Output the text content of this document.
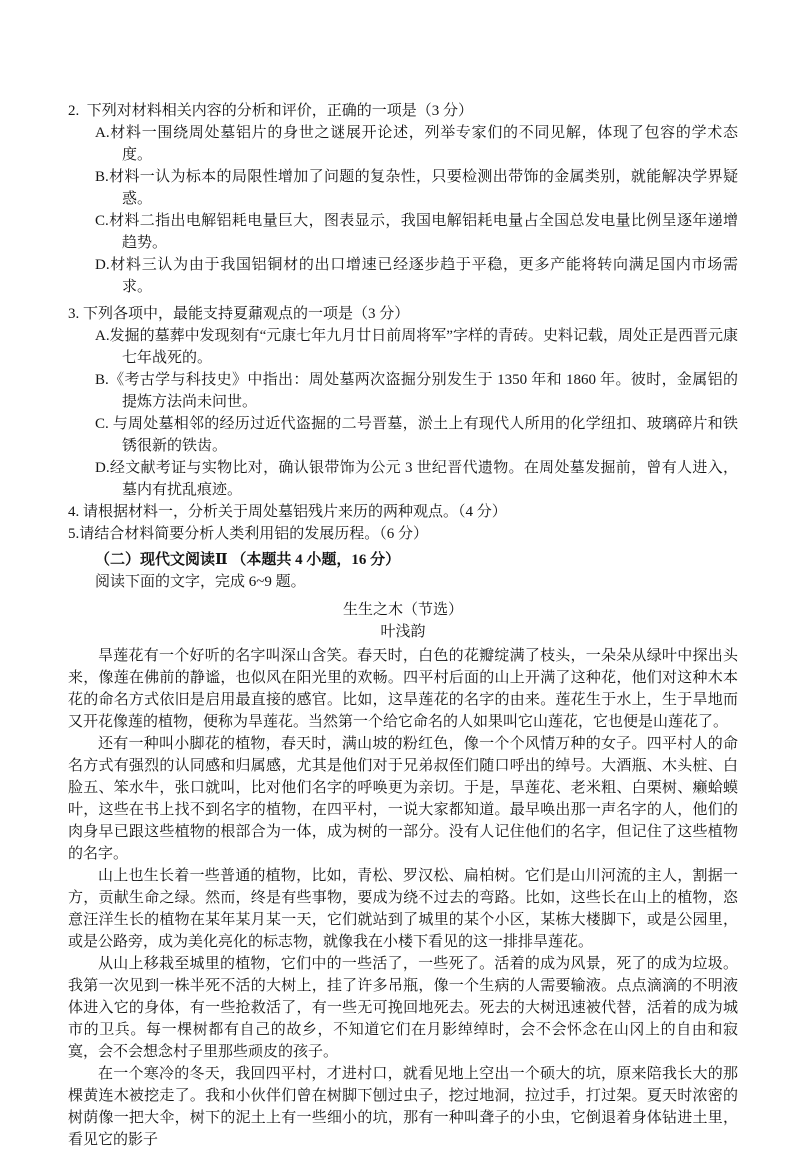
2.  下列对材料相关内容的分析和评价，正确的一项是（3 分）

A.材料一围绕周处墓铝片的身世之谜展开论述，列举专家们的不同见解，体现了包容的学术态度。

B.材料一认为标本的局限性增加了问题的复杂性，只要检测出带饰的金属类别，就能解决学界疑惑。

C.材料二指出电解铝耗电量巨大，图表显示，我国电解铝耗电量占全国总发电量比例呈逐年递增趋势。

D.材料三认为由于我国铝铜材的出口增速已经逐步趋于平稳，更多产能将转向满足国内市场需求。

3. 下列各项中，最能支持夏鼐观点的一项是（3 分）

A.发掘的墓葬中发现刻有“元康七年九月廿日前周将军”字样的青砖。史料记载，周处正是西晋元康七年战死的。

B.《考古学与科技史》中指出：周处墓两次盗掘分别发生于 1350 年和 1860 年。彼时，金属铝的提炼方法尚未问世。

C. 与周处墓相邻的经历过近代盗掘的二号晋墓，淤土上有现代人所用的化学纽扣、玻璃碎片和铁锈很新的铁齿。

D.经文献考证与实物比对，确认银带饰为公元 3 世纪晋代遗物。在周处墓发掘前，曾有人进入，墓内有扰乱痕迹。

4. 请根据材料一，分析关于周处墓铝残片来历的两种观点。（4 分）

5.请结合材料简要分析人类利用铝的发展历程。（6 分）

（二）现代文阅读Ⅱ （本题共 4 小题，16 分）

阅读下面的文字，完成 6~9 题。

生生之木（节选）

叶浅韵

旱莲花有一个好听的名字叫深山含笑。春天时，白色的花瓣绽满了枝头，一朵朵从绿叶中探出头来，像莲在佛前的静谧，也似风在阳光里的欢畅。四平村后面的山上开满了这种花，他们对这种木本花的命名方式依旧是启用最直接的感官。比如，这旱莲花的名字的由来。莲花生于水上，生于旱地而又开花像莲的植物，便称为旱莲花。当然第一个给它命名的人如果叫它山莲花，它也便是山莲花了。

还有一种叫小脚花的植物，春天时，满山坡的粉红色，像一个个风情万种的女子。四平村人的命名方式有强烈的认同感和归属感，尤其是他们对于兄弟叔侄们随口呼出的绰号。大酒瓶、木头桩、白脸五、笨水牛，张口就叫，比对他们名字的呼唤更为亲切。于是，旱莲花、老米粗、白栗树、癞蛤蟆叶，这些在书上找不到名字的植物，在四平村，一说大家都知道。最早唤出那一声名字的人，他们的肉身早已跟这些植物的根部合为一体，成为树的一部分。没有人记住他们的名字，但记住了这些植物的名字。

山上也生长着一些普通的植物，比如，青松、罗汉松、扁柏树。它们是山川河流的主人，割据一方，贡献生命之绿。然而，终是有些事物，要成为绕不过去的弯路。比如，这些长在山上的植物，恣意汪洋生长的植物在某年某月某一天，它们就站到了城里的某个小区，某栋大楼脚下，或是公园里，或是公路旁，成为美化亮化的标志物，就像我在小楼下看见的这一排排旱莲花。

从山上移栽至城里的植物，它们中的一些活了，一些死了。活着的成为风景，死了的成为垃圾。我第一次见到一株半死不活的大树上，挂了许多吊瓶，像一个生病的人需要输液。点点滴滴的不明液体进入它的身体，有一些抢救活了，有一些无可挽回地死去。死去的大树迅速被代替，活着的成为城市的卫兵。每一棵树都有自己的故乡，不知道它们在月影绰绰时，会不会怀念在山冈上的自由和寂寞，会不会想念村子里那些顽皮的孩子。

在一个寒冷的冬天，我回四平村，才进村口，就看见地上空出一个硕大的坑，原来陪我长大的那棵黄连木被挖走了。我和小伙伴们曾在树脚下刨过虫子，挖过地洞，拉过手，打过架。夏天时浓密的树荫像一把大伞，树下的泥土上有一些细小的坑，那有一种叫聋子的小虫，它倒退着身体钻进土里，看见它的影子
